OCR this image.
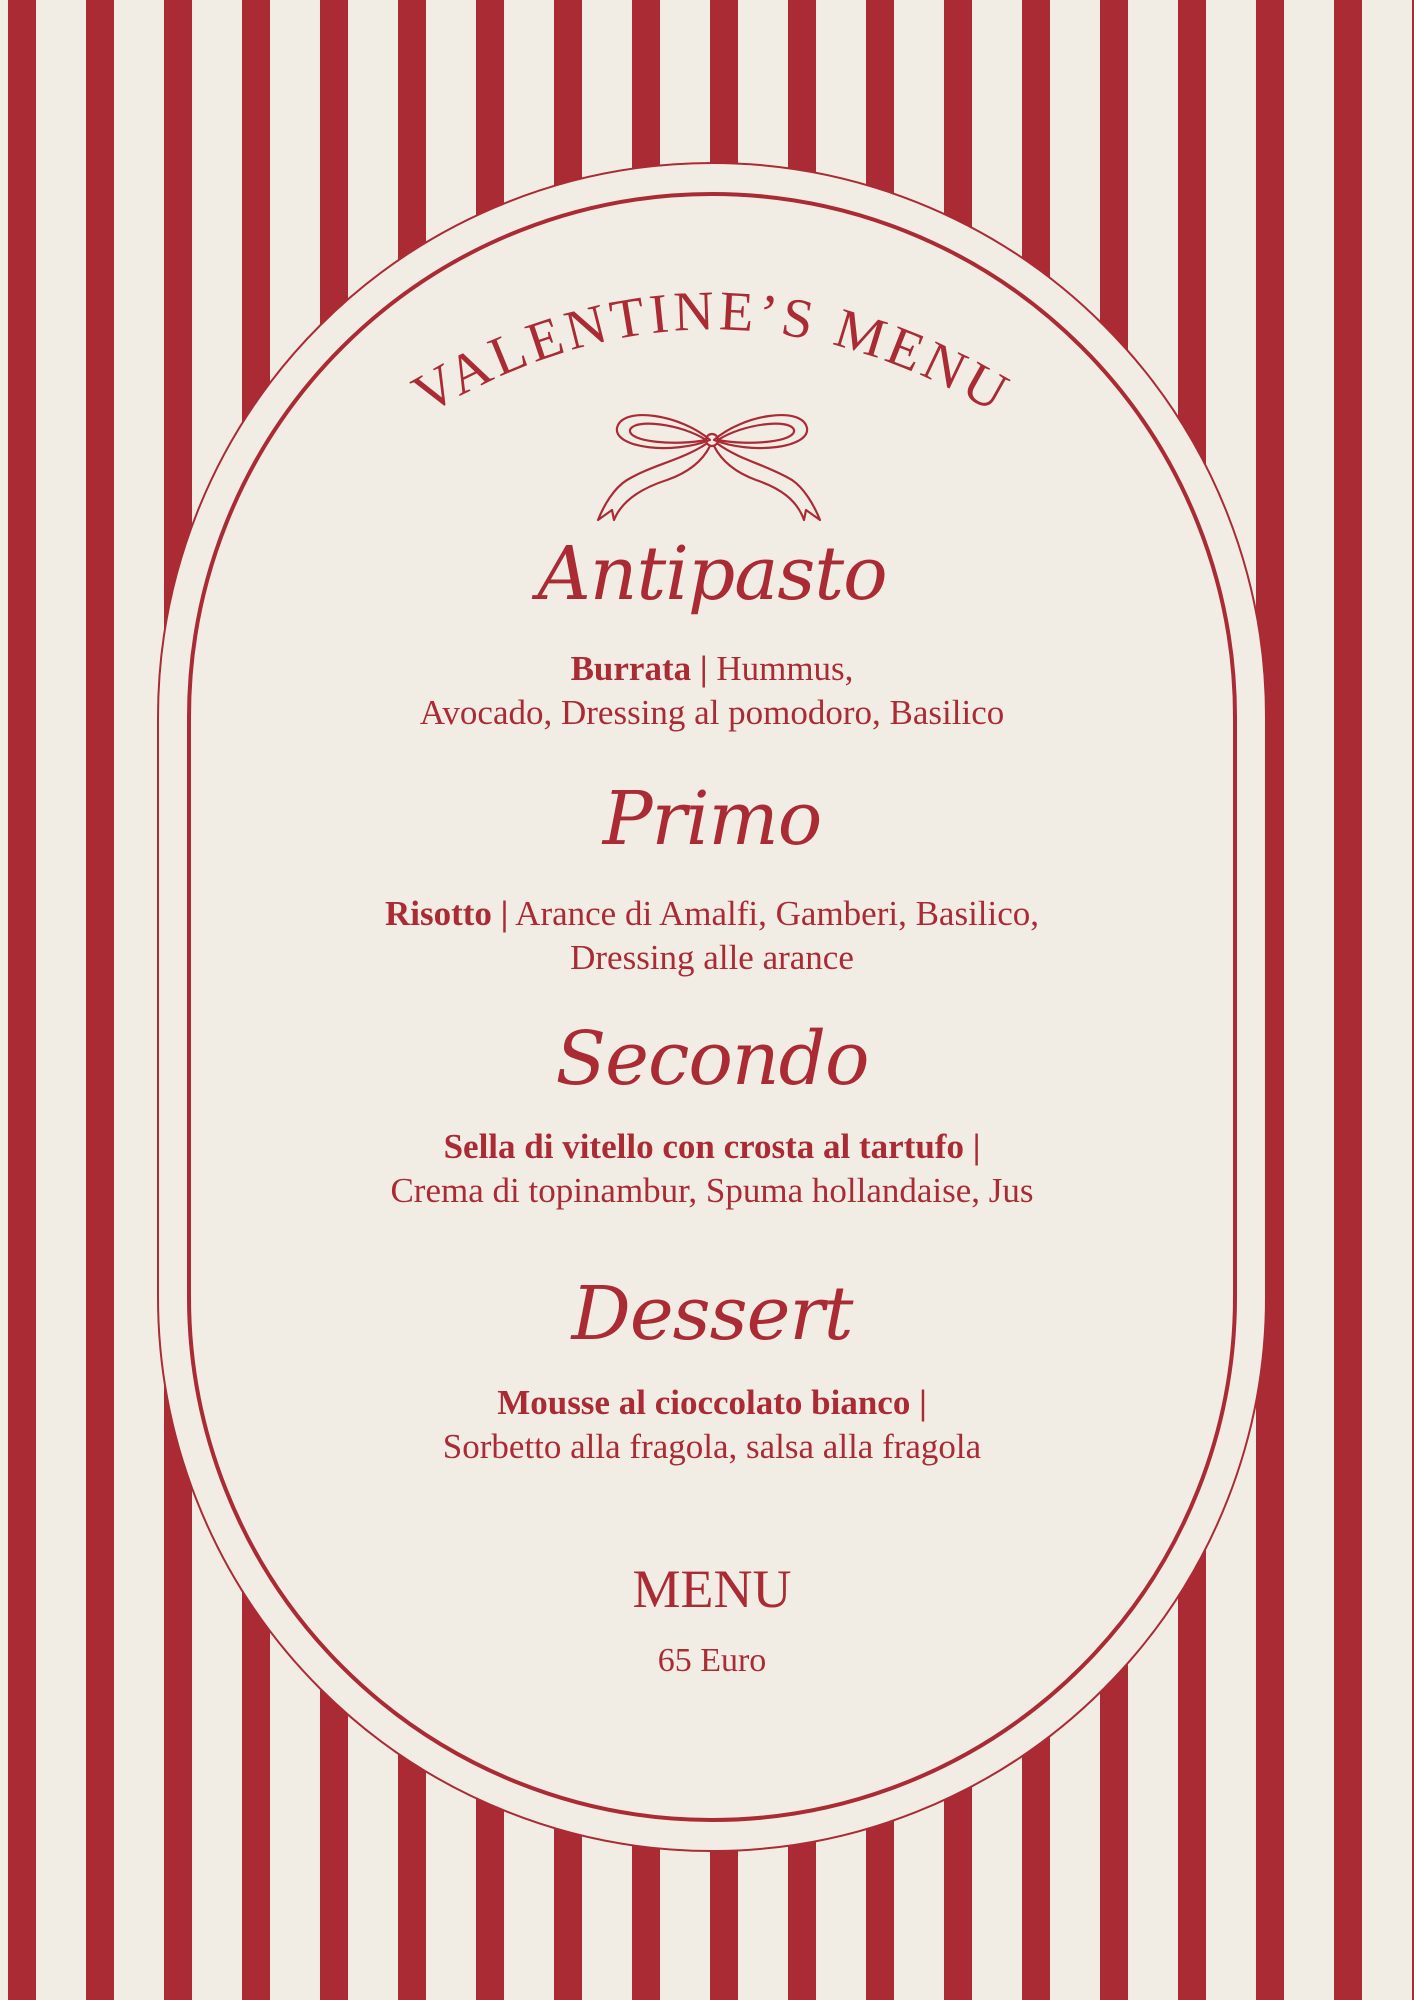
VALENTINE’S MENU
Antipasto
Burrata | Hummus,
Avocado, Dressing al pomodoro, Basilico
Primo
Risotto | Arance di Amalfi, Gamberi, Basilico,
Dressing alle arance
Secondo
Sella di vitello con crosta al tartufo |
Crema di topinambur, Spuma hollandaise, Jus
Dessert
Mousse al cioccolato bianco |
Sorbetto alla fragola, salsa alla fragola
MENU
65 Euro
